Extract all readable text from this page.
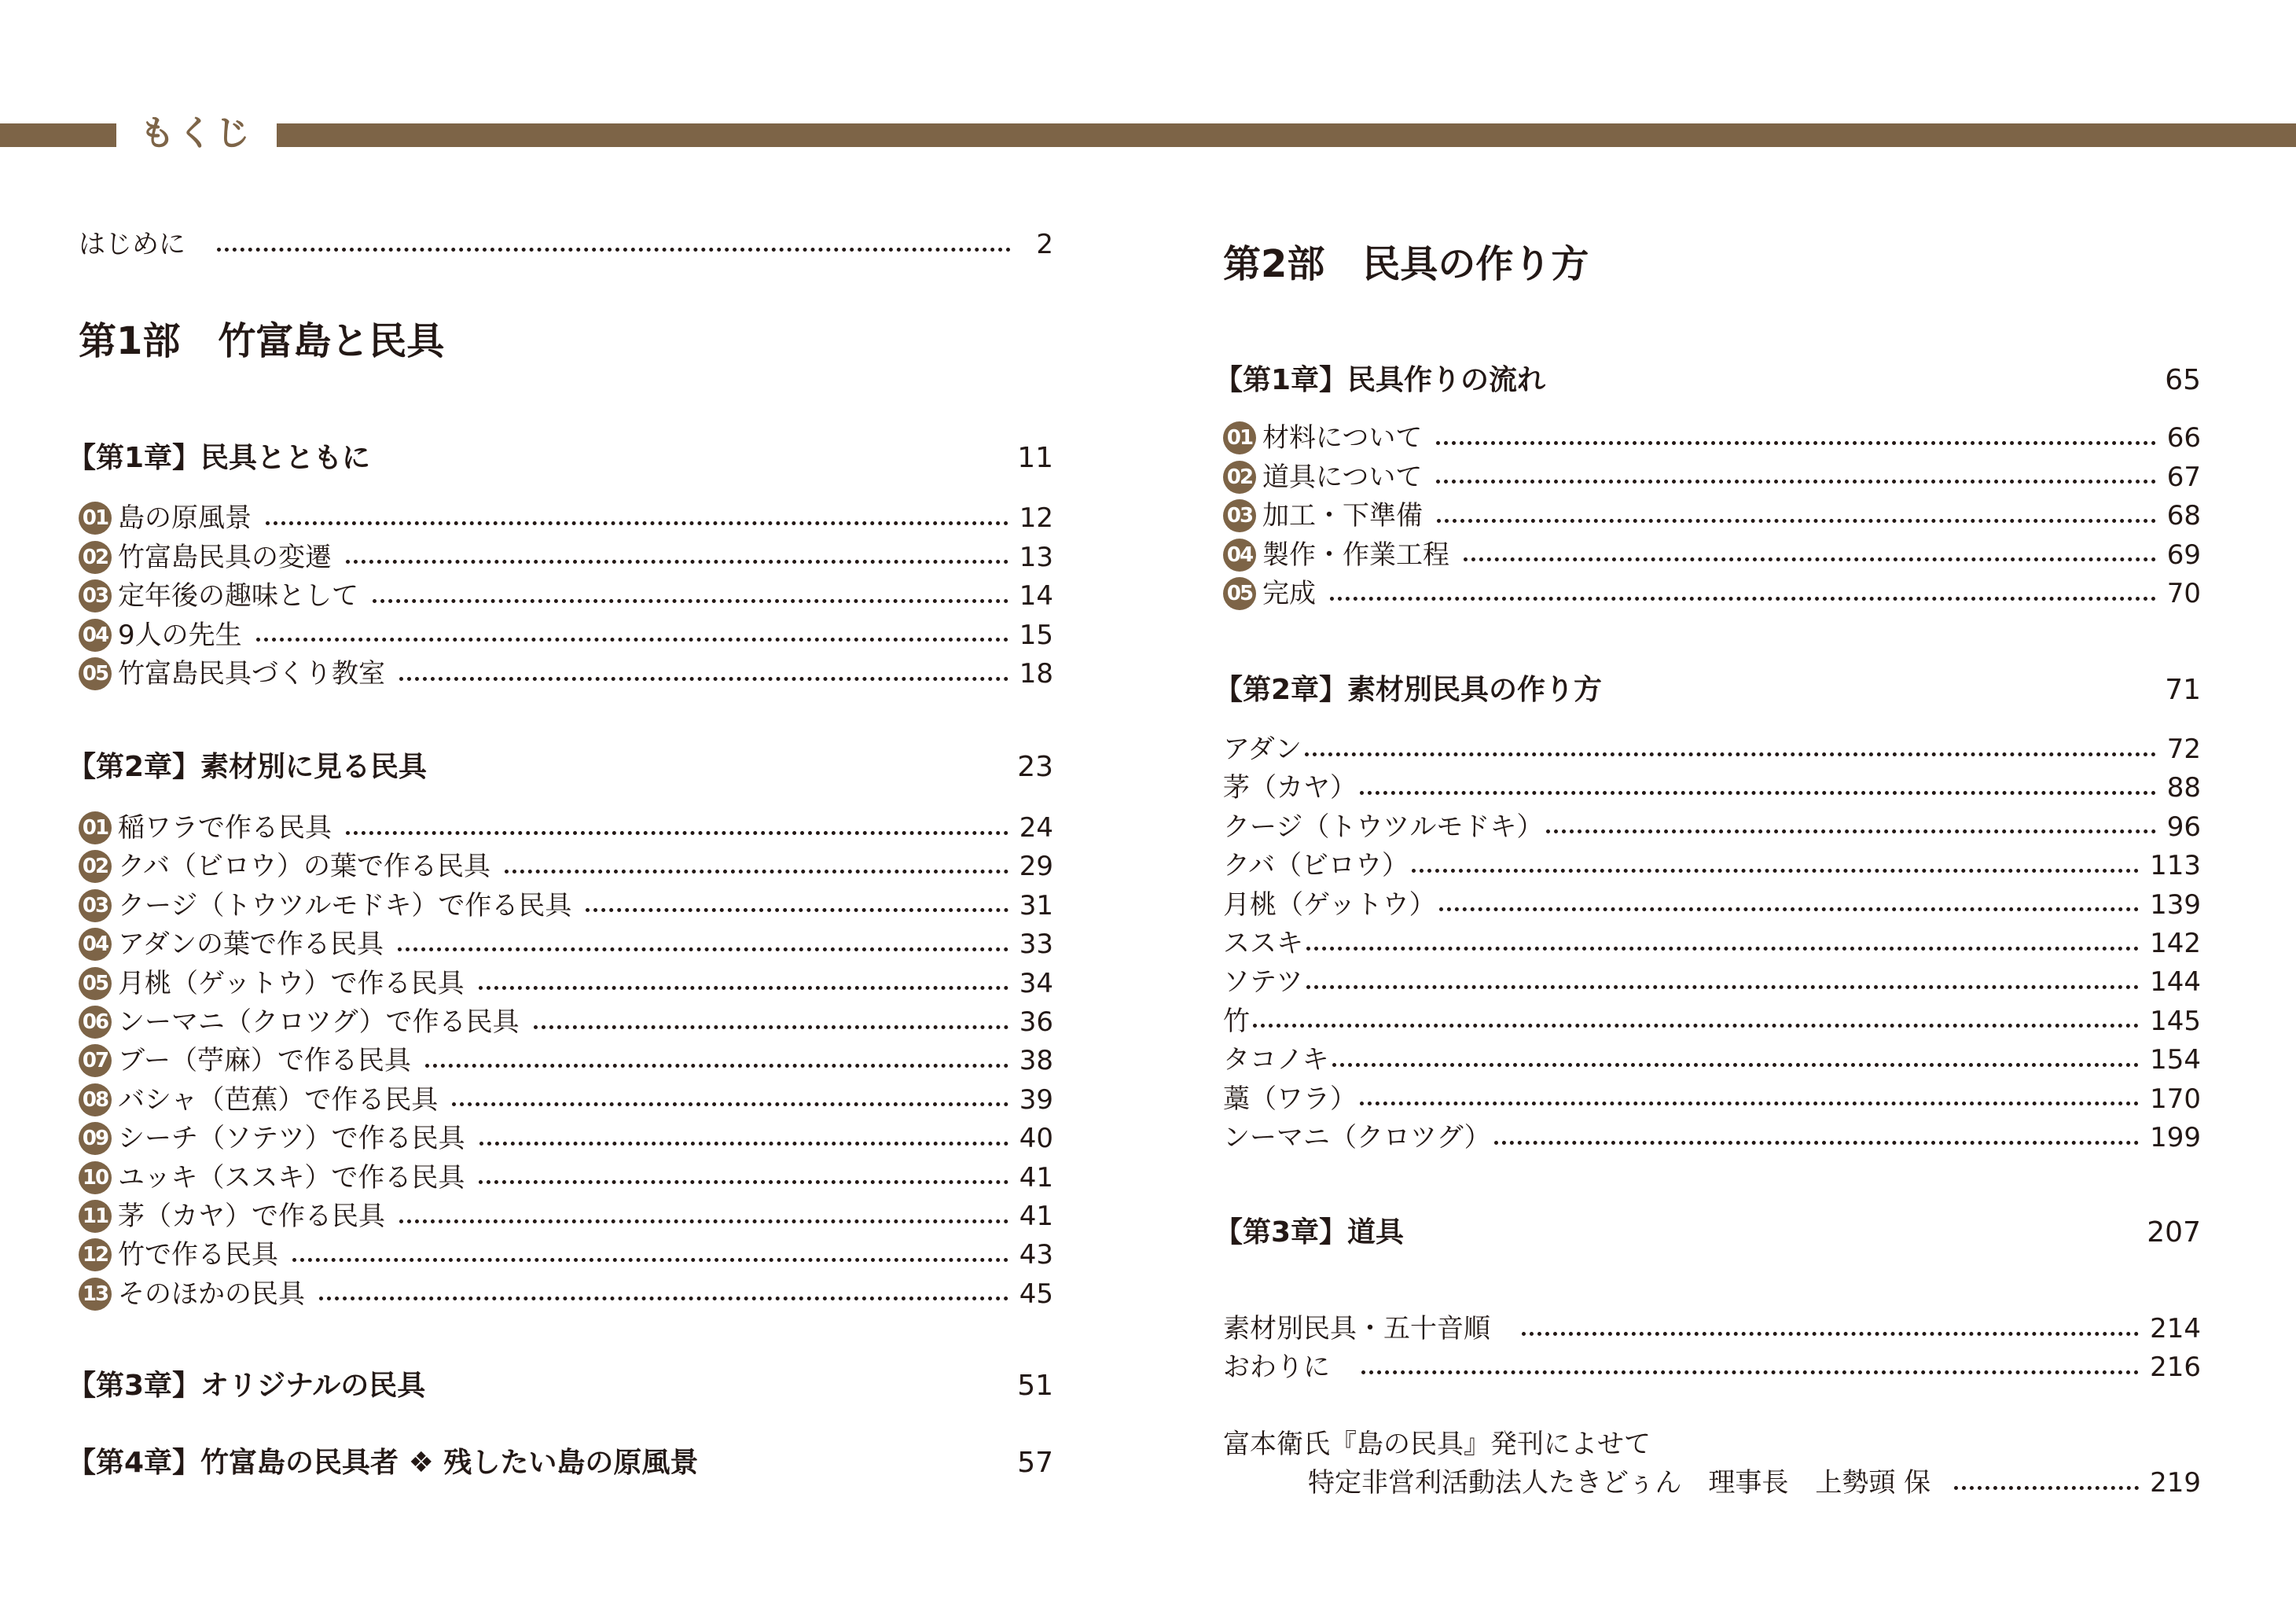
もくじ
はじめに	2
第1部　竹富島と民具
【第1章】民具とともに	11
01 島の原風景	12
02 竹富島民具の変遷	13
03 定年後の趣味として	14
04 9人の先生	15
05 竹富島民具づくり教室	18
【第2章】素材別に見る民具	23
01 稲ワラで作る民具	24
02 クバ（ビロウ）の葉で作る民具	29
03 クージ（トウツルモドキ）で作る民具	31
04 アダンの葉で作る民具	33
05 月桃（ゲットウ）で作る民具	34
06 ンーマニ（クロツグ）で作る民具	36
07 ブー（苧麻）で作る民具	38
08 バシャ（芭蕉）で作る民具	39
09 シーチ（ソテツ）で作る民具	40
10 ユッキ（ススキ）で作る民具	41
11 茅（カヤ）で作る民具	41
12 竹で作る民具	43
13 そのほかの民具	45
【第3章】オリジナルの民具	51
【第4章】竹富島の民具者 ❖ 残したい島の原風景	57
第2部　民具の作り方
【第1章】民具作りの流れ	65
01 材料について	66
02 道具について	67
03 加工・下準備	68
04 製作・作業工程	69
05 完成	70
【第2章】素材別民具の作り方	71
アダン	72
茅（カヤ）	88
クージ（トウツルモドキ）	96
クバ（ビロウ）	113
月桃（ゲットウ）	139
ススキ	142
ソテツ	144
竹	145
タコノキ	154
藁（ワラ）	170
ンーマニ（クロツグ）	199
【第3章】道具	207
素材別民具・五十音順	214
おわりに	216
富本衛氏『島の民具』発刊によせて
特定非営利活動法人たきどぅん　理事長　上勢頭 保	219
